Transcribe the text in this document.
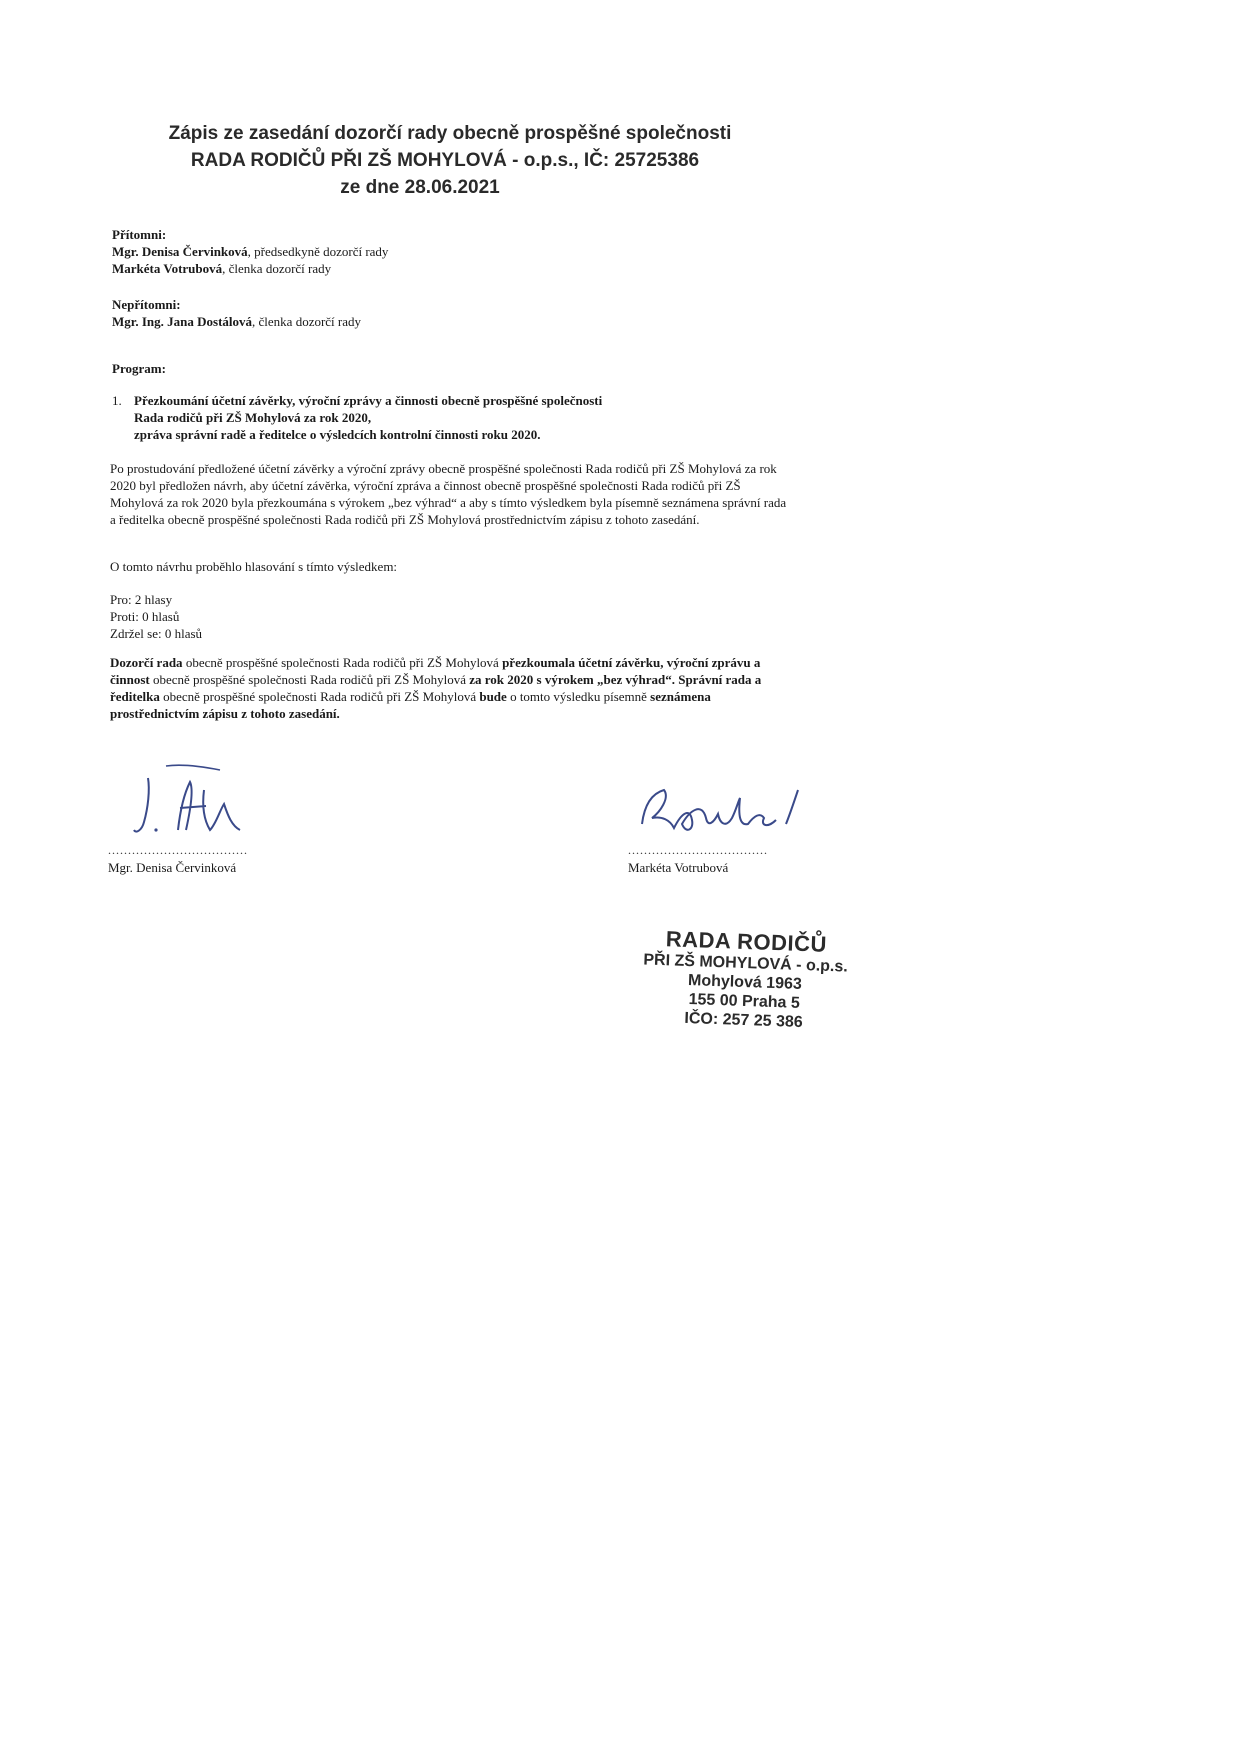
Zápis ze zasedání dozorčí rady obecně prospěšné společnosti
RADA RODIČŮ PŘI ZŠ MOHYLOVÁ - o.p.s., IČ: 25725386
ze dne 28.06.2021
Přítomni:
Mgr. Denisa Červinková, předsedkyně dozorčí rady
Markéta Votrubová, členka dozorčí rady
Nepřítomni:
Mgr. Ing. Jana Dostálová, členka dozorčí rady
Program:
1. Přezkoumání účetní závěrky, výroční zprávy a činnosti obecně prospěšné společnosti
Rada rodičů při ZŠ Mohylová za rok 2020,
zpráva správní radě a ředitelce o výsledcích kontrolní činnosti roku 2020.
Po prostudování předložené účetní závěrky a výroční zprávy obecně prospěšné společnosti Rada rodičů při ZŠ Mohylová za rok 2020 byl předložen návrh, aby účetní závěrka, výroční zpráva a činnost obecně prospěšné společnosti Rada rodičů při ZŠ Mohylová za rok 2020 byla přezkoumána s výrokem „bez výhrad“ a aby s tímto výsledkem byla písemně seznámena správní rada a ředitelka obecně prospěšné společnosti Rada rodičů při ZŠ Mohylová prostřednictvím zápisu z tohoto zasedání.
O tomto návrhu proběhlo hlasování s tímto výsledkem:
Pro: 2 hlasy
Proti: 0 hlasů
Zdržel se: 0 hlasů
Dozorčí rada obecně prospěšné společnosti Rada rodičů při ZŠ Mohylová přezkoumala účetní závěrku, výroční zprávu a činnost obecně prospěšné společnosti Rada rodičů při ZŠ Mohylová za rok 2020 s výrokem „bez výhrad“. Správní rada a ředitelka obecně prospěšné společnosti Rada rodičů při ZŠ Mohylová bude o tomto výsledku písemně seznámena prostřednictvím zápisu z tohoto zasedání.
...................................
Mgr. Denisa Červinková
...................................
Markéta Votrubová
RADA RODIČŮ
PŘI ZŠ MOHYLOVÁ - o.p.s.
Mohylová 1963
155 00 Praha 5
IČO: 257 25 386
